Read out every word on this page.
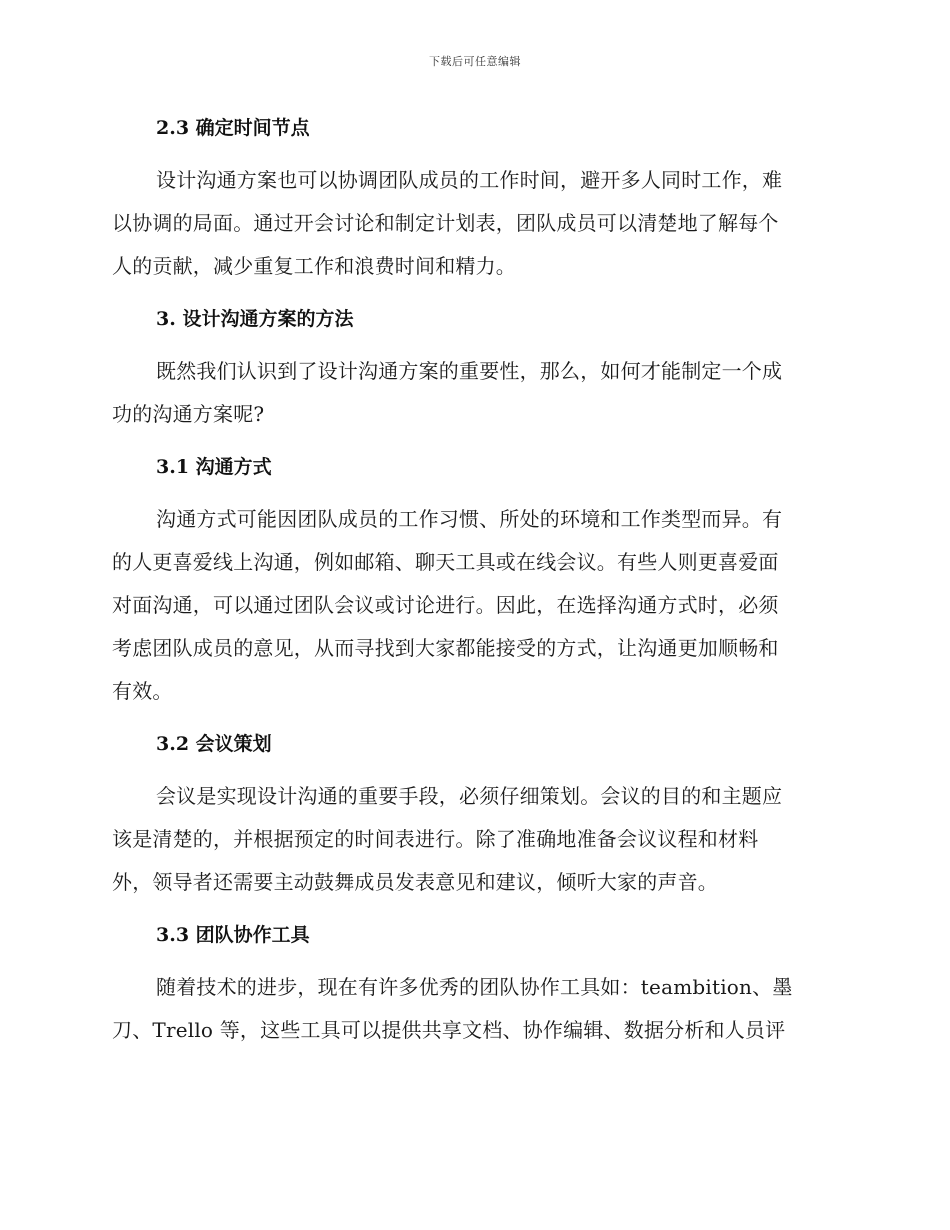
下载后可任意编辑
2.3 确定时间节点
设计沟通方案也可以协调团队成员的工作时间，避开多人同时工作，难
以协调的局面。通过开会讨论和制定计划表，团队成员可以清楚地了解每个
人的贡献，减少重复工作和浪费时间和精力。
3. 设计沟通方案的方法
既然我们认识到了设计沟通方案的重要性，那么，如何才能制定一个成
功的沟通方案呢?
3.1 沟通方式
沟通方式可能因团队成员的工作习惯、所处的环境和工作类型而异。有
的人更喜爱线上沟通，例如邮箱、聊天工具或在线会议。有些人则更喜爱面
对面沟通，可以通过团队会议或讨论进行。因此，在选择沟通方式时，必须
考虑团队成员的意见，从而寻找到大家都能接受的方式，让沟通更加顺畅和
有效。
3.2 会议策划
会议是实现设计沟通的重要手段，必须仔细策划。会议的目的和主题应
该是清楚的，并根据预定的时间表进行。除了准确地准备会议议程和材料
外，领导者还需要主动鼓舞成员发表意见和建议，倾听大家的声音。
3.3 团队协作工具
随着技术的进步，现在有许多优秀的团队协作工具如：teambition、墨
刀、Trello 等，这些工具可以提供共享文档、协作编辑、数据分析和人员评
